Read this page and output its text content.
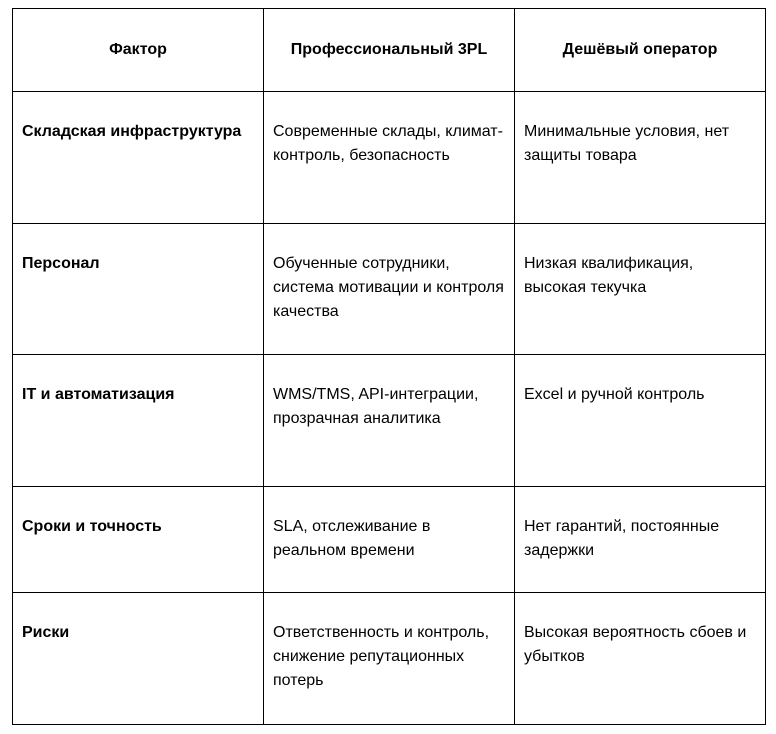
Фактор	Профессиональный 3PL	Дешёвый оператор
Складская инфраструктура	Современные склады, климат-контроль, безопасность	Минимальные условия, нет защиты товара
Персонал	Обученные сотрудники, система мотивации и контроля качества	Низкая квалификация, высокая текучка
IT и автоматизация	WMS/TMS, API-интеграции, прозрачная аналитика	Excel и ручной контроль
Сроки и точность	SLA, отслеживание в реальном времени	Нет гарантий, постоянные задержки
Риски	Ответственность и контроль, снижение репутационных потерь	Высокая вероятность сбоев и убытков
